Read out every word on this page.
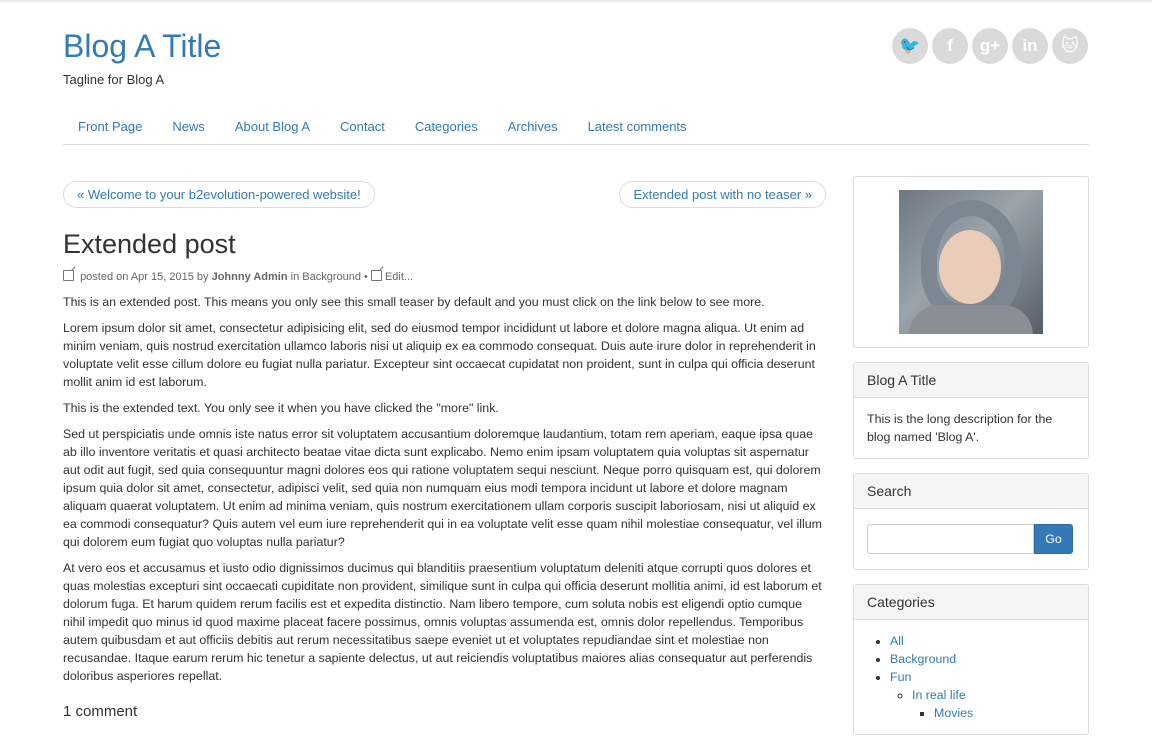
Blog A Title
Tagline for Blog A
🐦	f	g+	in	🐱
Front Page	News	About Blog A	Contact	Categories	Archives	Latest comments
« Welcome to your b2evolution-powered website!	Extended post with no teaser »
Extended post
posted on Apr 15, 2015 by Johnny Admin in Background • Edit...

This is an extended post. This means you only see this small teaser by default and you must click on the link below to see more.

Lorem ipsum dolor sit amet, consectetur adipisicing elit, sed do eiusmod tempor incididunt ut labore et dolore magna aliqua. Ut enim ad minim veniam, quis nostrud exercitation ullamco laboris nisi ut aliquip ex ea commodo consequat. Duis aute irure dolor in reprehenderit in voluptate velit esse cillum dolore eu fugiat nulla pariatur. Excepteur sint occaecat cupidatat non proident, sunt in culpa qui officia deserunt mollit anim id est laborum.

This is the extended text. You only see it when you have clicked the "more" link.

Sed ut perspiciatis unde omnis iste natus error sit voluptatem accusantium doloremque laudantium, totam rem aperiam, eaque ipsa quae ab illo inventore veritatis et quasi architecto beatae vitae dicta sunt explicabo. Nemo enim ipsam voluptatem quia voluptas sit aspernatur aut odit aut fugit, sed quia consequuntur magni dolores eos qui ratione voluptatem sequi nesciunt. Neque porro quisquam est, qui dolorem ipsum quia dolor sit amet, consectetur, adipisci velit, sed quia non numquam eius modi tempora incidunt ut labore et dolore magnam aliquam quaerat voluptatem. Ut enim ad minima veniam, quis nostrum exercitationem ullam corporis suscipit laboriosam, nisi ut aliquid ex ea commodi consequatur? Quis autem vel eum iure reprehenderit qui in ea voluptate velit esse quam nihil molestiae consequatur, vel illum qui dolorem eum fugiat quo voluptas nulla pariatur?

At vero eos et accusamus et iusto odio dignissimos ducimus qui blanditiis praesentium voluptatum deleniti atque corrupti quos dolores et quas molestias excepturi sint occaecati cupiditate non provident, similique sunt in culpa qui officia deserunt mollitia animi, id est laborum et dolorum fuga. Et harum quidem rerum facilis est et expedita distinctio. Nam libero tempore, cum soluta nobis est eligendi optio cumque nihil impedit quo minus id quod maxime placeat facere possimus, omnis voluptas assumenda est, omnis dolor repellendus. Temporibus autem quibusdam et aut officiis debitis aut rerum necessitatibus saepe eveniet ut et voluptates repudiandae sint et molestiae non recusandae. Itaque earum rerum hic tenetur a sapiente delectus, ut aut reiciendis voluptatibus maiores alias consequatur aut perferendis doloribus asperiores repellat.

1 comment
Blog A Title
This is the long description for the blog named 'Blog A'.
Search
Go
Categories
• All
• Background
• Fun
◦ In real life
▪ Movies
